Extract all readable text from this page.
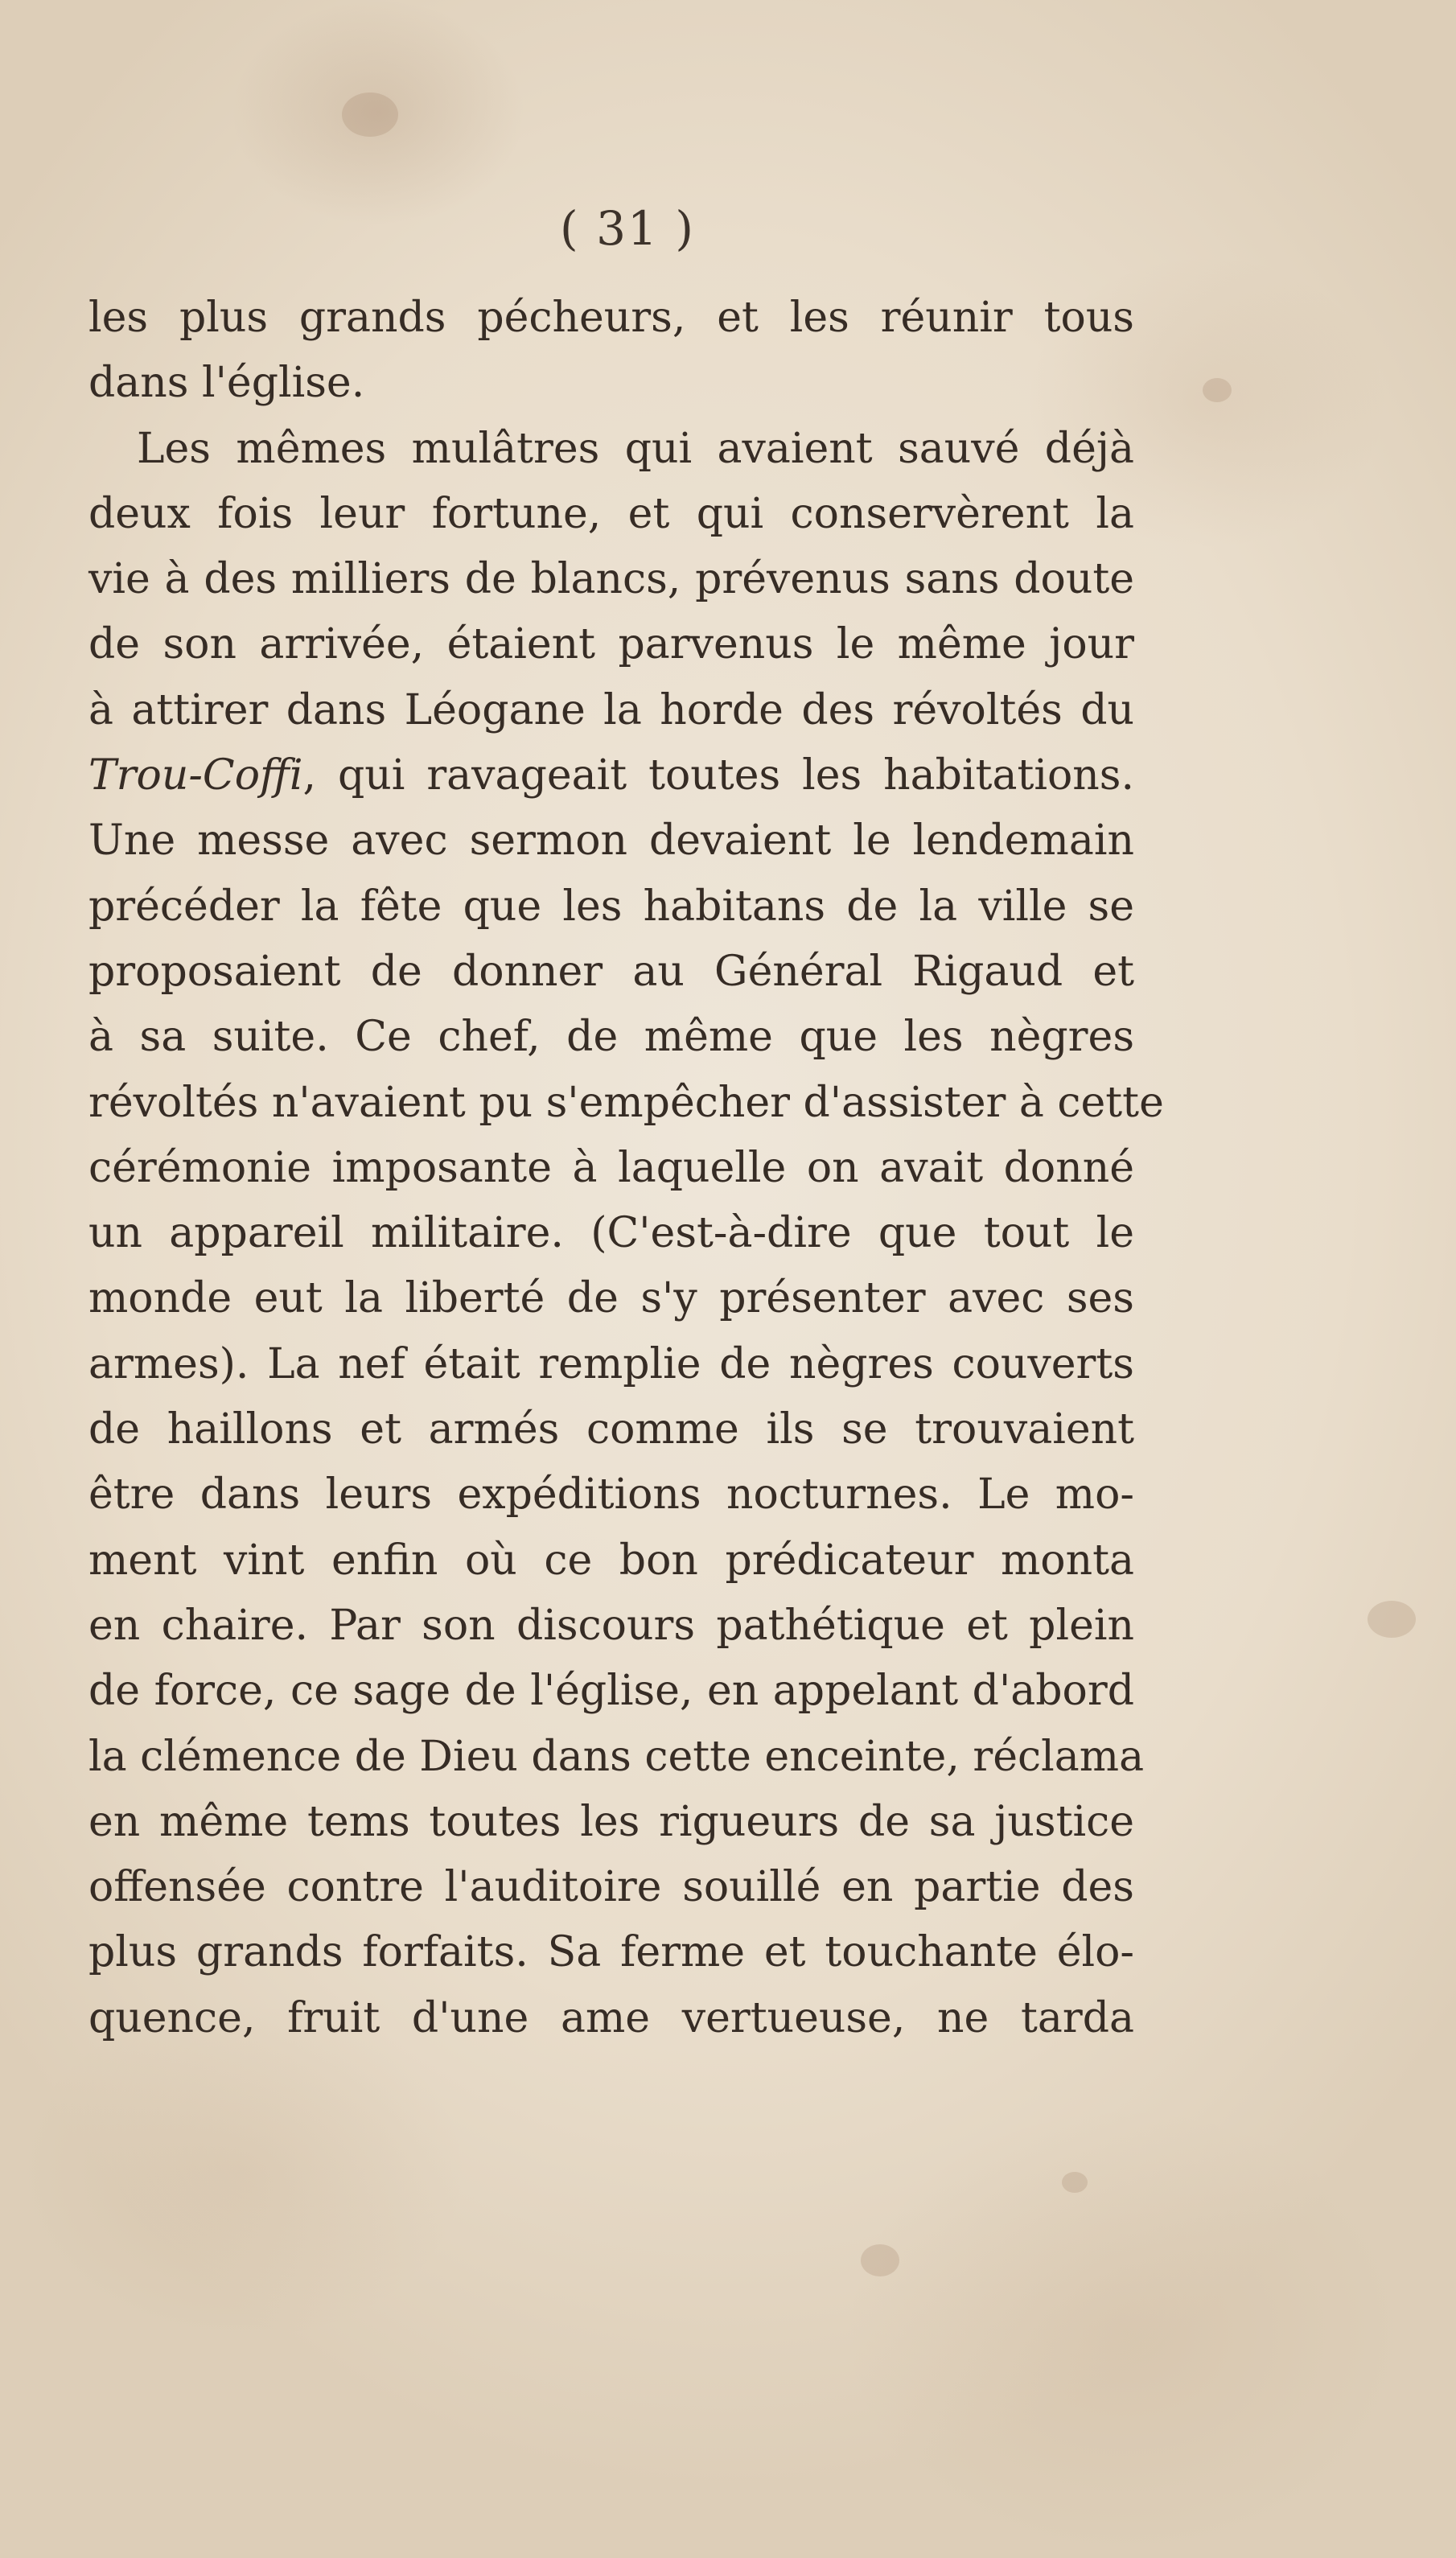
( 31 )

les plus grands pécheurs, et les réunir tous
dans l'église.
Les mêmes mulâtres qui avaient sauvé déjà
deux fois leur fortune, et qui conservèrent la
vie à des milliers de blancs, prévenus sans doute
de son arrivée, étaient parvenus le même jour
à attirer dans Léogane la horde des révoltés du
Trou-Coffi, qui ravageait toutes les habitations.
Une messe avec sermon devaient le lendemain
précéder la fête que les habitans de la ville se
proposaient de donner au Général Rigaud et
à sa suite. Ce chef, de même que les nègres
révoltés n'avaient pu s'empêcher d'assister à cette
cérémonie imposante à laquelle on avait donné
un appareil militaire. (C'est-à-dire que tout le
monde eut la liberté de s'y présenter avec ses
armes). La nef était remplie de nègres couverts
de haillons et armés comme ils se trouvaient
être dans leurs expéditions nocturnes. Le mo-
ment vint enfin où ce bon prédicateur monta
en chaire. Par son discours pathétique et plein
de force, ce sage de l'église, en appelant d'abord
la clémence de Dieu dans cette enceinte, réclama
en même tems toutes les rigueurs de sa justice
offensée contre l'auditoire souillé en partie des
plus grands forfaits. Sa ferme et touchante élo-
quence, fruit d'une ame vertueuse, ne tarda
